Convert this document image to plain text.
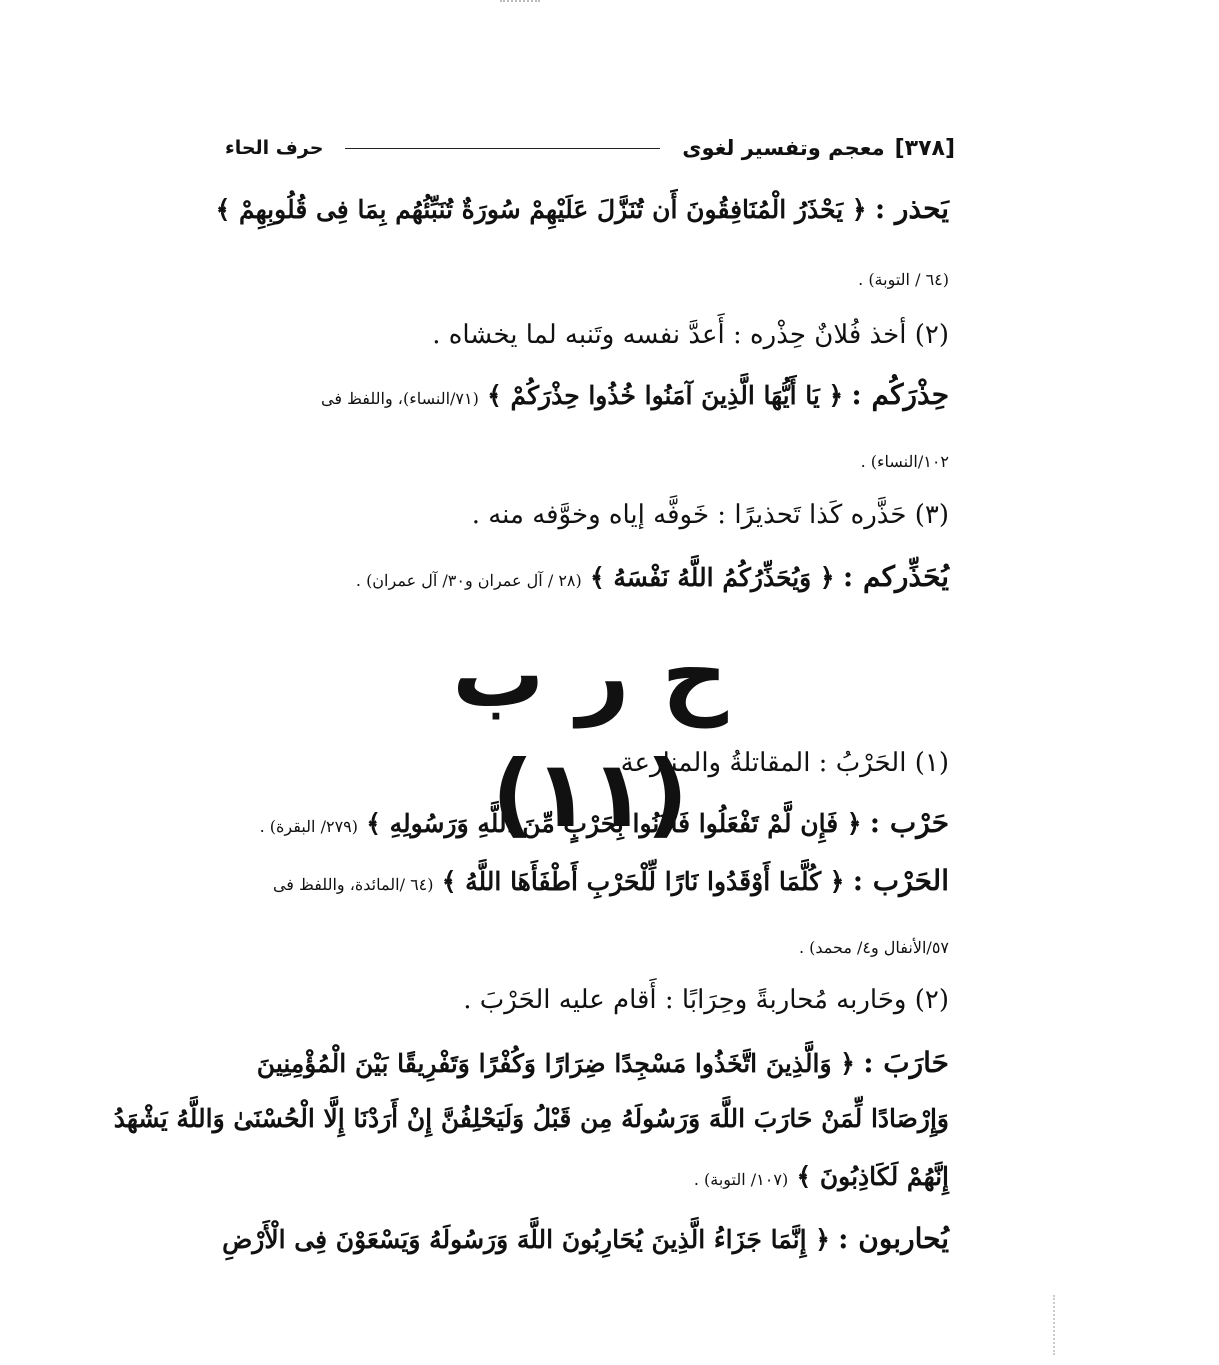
[٣٧٨]
معجم وتفسير لغوى
حرف الحاء
يَحذر : ﴿ يَحْذَرُ الْمُنَافِقُونَ أَن تُنَزَّلَ عَلَيْهِمْ سُورَةٌ تُنَبِّئُهُم بِمَا فِى قُلُوبِهِمْ ﴾
(٦٤ / التوبة) .
(٢) أخذ فُلانٌ حِذْره : أَعدَّ نفسه وتَنبه لما يخشاه .
حِذْرَكُم : ﴿ يَا أَيُّهَا الَّذِينَ آمَنُوا خُذُوا حِذْرَكُمْ ﴾ (٧١/النساء)، واللفظ فى
١٠٢/النساء) .
(٣) حَذَّره كَذا تَحذيرًا : خَوفَّه إياه وخوَّفه منه .
يُحَذِّركم : ﴿ وَيُحَذِّرُكُمُ اللَّهُ نَفْسَهُ ﴾ (٢٨ / آل عمران و٣٠/ آل عمران) .
ح ر ب (١١)
(١) الحَرْبُ : المقاتلةُ والمنازعة .
حَرْب : ﴿ فَإِن لَّمْ تَفْعَلُوا فَأْذَنُوا بِحَرْبٍ مِّنَ اللَّهِ وَرَسُولِهِ ﴾ (٢٧٩/ البقرة) .
الحَرْب : ﴿ كُلَّمَا أَوْقَدُوا نَارًا لِّلْحَرْبِ أَطْفَأَهَا اللَّهُ ﴾ (٦٤ /المائدة، واللفظ فى
٥٧/الأنفال و٤/ محمد) .
(٢) وحَاربه مُحاربةً وحِرَابًا : أَقام عليه الحَرْبَ .
حَارَبَ : ﴿ وَالَّذِينَ اتَّخَذُوا مَسْجِدًا ضِرَارًا وَكُفْرًا وَتَفْرِيقًا بَيْنَ الْمُؤْمِنِينَ
وَإِرْصَادًا لِّمَنْ حَارَبَ اللَّهَ وَرَسُولَهُ مِن قَبْلُ وَلَيَحْلِفُنَّ إِنْ أَرَدْنَا إِلَّا الْحُسْنَىٰ وَاللَّهُ يَشْهَدُ
إِنَّهُمْ لَكَاذِبُونَ ﴾ (١٠٧/ التوبة) .
يُحاربون : ﴿ إِنَّمَا جَزَاءُ الَّذِينَ يُحَارِبُونَ اللَّهَ وَرَسُولَهُ وَيَسْعَوْنَ فِى الْأَرْضِ
